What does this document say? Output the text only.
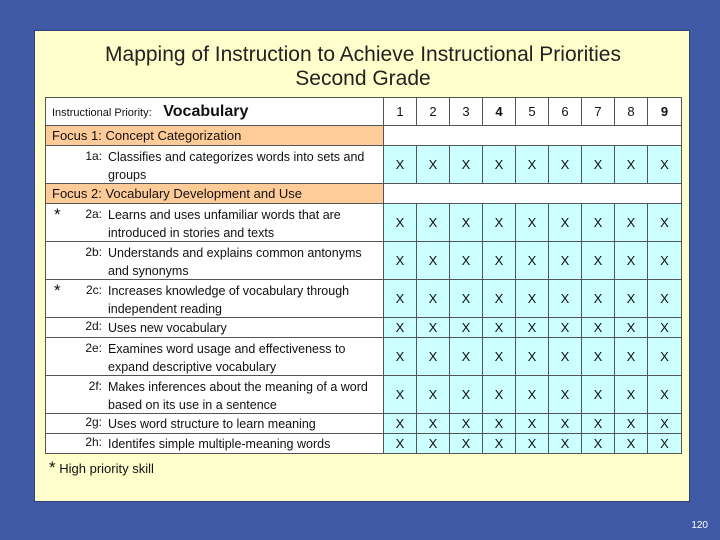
Mapping of Instruction to Achieve Instructional Priorities
Second Grade
Instructional Priority: Vocabulary	1	2	3	4	5	6	7	8	9
Focus 1: Concept Categorization									

1a: Classifies and categorizes words into sets and groups	X	X	X	X	X	X	X	X	X
Focus 2: Vocabulary Development and Use									

* 2a: Learns and uses unfamiliar words that are introduced in stories and texts	X	X	X	X	X	X	X	X	X

2b: Understands and explains common antonyms and synonyms	X	X	X	X	X	X	X	X	X

* 2c: Increases knowledge of vocabulary through independent reading	X	X	X	X	X	X	X	X	X

2d: Uses new vocabulary	X	X	X	X	X	X	X	X	X

2e: Examines word usage and effectiveness to expand descriptive vocabulary	X	X	X	X	X	X	X	X	X

2f: Makes inferences about the meaning of a word based on its use in a sentence	X	X	X	X	X	X	X	X	X

2g: Uses word structure to learn meaning	X	X	X	X	X	X	X	X	X

2h: Identifes simple multiple-meaning words	X	X	X	X	X	X	X	X	X
* High priority skill
120
